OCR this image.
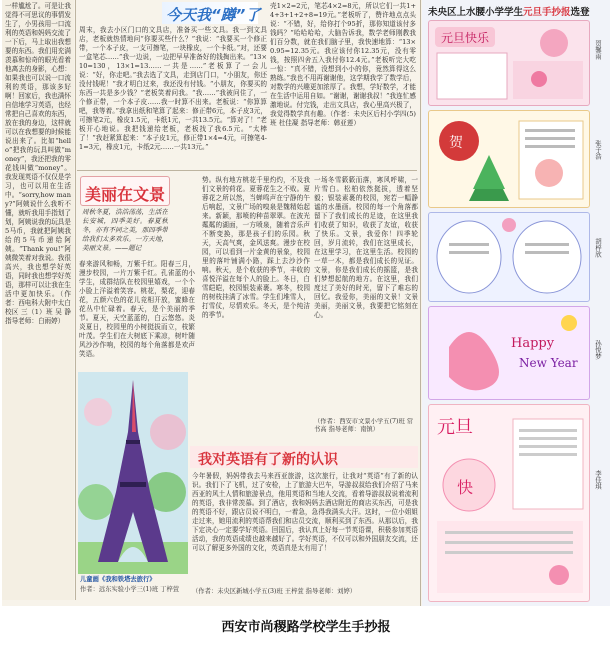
一样尴尬了。可是让我觉得不可思议的事情发生了，小男孩用一口流利的英语和妈妈交流了一下后，马上取出我想要的东西。我们用充满羡慕和惊奇的眼光看着他离去的身影，心想：如果我也可以说一口流利的英语，那该多好啊！回家后，我也满怀自信地学习英语，也经常把自己喜欢的东西，放在我的身边，这样就可以在我想要的时候能说出来了。比如“hello”把我的玩具叫做“money”，我还把我的零花钱叫做“money”。我发现英语不仅仅是学习，也可以用在生活中。“sorry,how many?”阿姨说什么我听不懂，就听我用手指划了划，阿姨说我的玩具是5马币，我就把阿姨我给的5马币递给阿姨。“Thank you!”阿姨微笑着对我说。我很高兴，我也想学好英语，同时我也想学好英语，那样可以让我在生活中更加快乐。（作者：西电科大附中太白校区 三（1）班 吴 静 指导老师：白雨婷）
今天我“蹲”了
周末，我去小区门口的文具店，准备买一些文具。我一到文具店，老板就热情地问“你要买些什么？”我说：“我要买一个修正带，一个本子皮，一支可擦笔，一块橡皮，一个卡纸。”对，还要一盒笔芯……”我一边说，一边把早早准备好的钱掏出来。“13×10=130，13×1=13……一共是……”老板算了一会儿说：“好，你走吧。”我去选了文具，走到店门口，“小朋友，你还没付钱呢！”我才明白过来，我还没有付钱。“小朋友，你要买的东西一共是多少钱？”老板笑着问我。“我……”我被问住了，一个修正带，一个本子皮……我一时算不出来。老板说：“你算算吧，我等着。”我拿出纸和笔算了起来：修正带6元，本子皮3元，可擦笔2元，橡皮1.5元，卡纸1元，一共13.5元。“算对了！”老板开心地说。我把钱递给老板，老板找了我6.5元。“太棒了！”我赶紧算起来：“本子皮1元，修正带1×4=4元，可擦笔4-1=3元，橡皮1元，卡纸2元……一共13元。”
壳1×2=2元，笔芯4×2=8元，所以它们一共1+4+3+1+2+8=19元。”老板听了，赞许地点点头说：“不错，好，给你打个95折，那你知道该付多钱吗？”哈哈哈哈，大脑告诉我，数学老师刚教我们百分数，就在我们脑子里，我快速地算：“13×0.95=12.35元。我应该付你12.35元，没有零钱，按照四舍五入我付你12.4元。”老板听完大吃一惊：“真不错，没想到小小的你，竟然算得这么熟练。”我也不用再谢谢他，这学期我学了数学后，对数学的兴趣更加浓厚了。我想，学好数学，才能在生活中运用自如。“谢谢，谢谢我叔！”我连忙感激地说。付完钱，走出文具店，我心里高兴极了，我觉得数学真有趣。（作者：未央区后村小学四(5)班 杜佳凝 指导老师：韩亚莲）
美丽在文景
周秋冬夏，浩浩荡荡，生活在长安城，四季美好。春夏秋冬，亦有不同之美，那四季带给我们太多欢乐。一方天地，美丽文景。——题记
春来游风和畅，万紫千红。阳春三月，漫步校园，一片万紫千红。孔雀蓝的小学生，成群结队在校园里嬉戏，一个个小脸上洋溢着笑容。桃花，梨花，迎春花，五颜六色的花儿竞相开放，蜜蜂在花丛中忙碌着。春天，是个美丽的季节。夏天，天空蓝蓝的，白云悠悠。炎炎夏日，校园里的小树挺拔而立，枝繁叶茂。学生们在大树底下乘凉，树叶随风沙沙作响，校园的每个角落都是欢声笑语。
势。纵有地方桃花千里灼灼，不及我们文景的荷花。夏蓉花生之不败。夏蓉花之所以然，当蝉鸣声在宁静的午后响起，文景广场的嗅泉是魏精始起来。新颖，那喷的种苗翠翠。在波光粼粼的湖面，一方喷泉，随着音乐声不断变换，那是孩子们的乐园。秋天，天高气爽，金风送爽。漫步在校园，可以看到一片金黄的景象，校园里的落叶铺满小路，踩上去沙沙作响。秋天，是个收获的季节，丰收的喜悦洋溢在每个人的脸上。冬日，白雪皑皑，校园银装素裹。寒冬，校园的树枝挂满了冰雪。学生们堆雪人，打雪仗，尽情欢乐。冬天，是个纯洁的季节。
一场冬雪簌簌而落，寒风呼啸，一片雪白。松柏依然挺拔，透着坚毅；银装素裹的校园，宛若一幅静谧的水墨画。校园的每一个角落都留下了我们成长的足迹，在这里我们收获了知识，收获了友谊，收获了快乐。文景，我爱你！四季轮回，岁月流转，我们在这里成长，在这里学习，在这里生活。校园的一草一木，都是我们成长的见证。文景，你是我们成长的摇篮，是我们梦想起航的地方。在这里，我们度过了美好的时光，留下了难忘的回忆。我爱你，美丽的文景！文景美丽，美丽文景，我要把它铭刻在心。
（作者：西安市文景小学五(7)班 常书高 指导老师：南镇）
儿童画《我和铁塔去旅行》
作者：远东实验小学三(1)班 丁梓萱
我对英语有了新的认识
今年暑假，妈妈带我去马来西亚旅游，这次旅行，让我对“英语”有了新的认识。我们下了飞机，过了安检，上了旅游大巴车，导游叔叔给我们介绍了马来西亚的风土人情和旅游景点，他用英语和当地人交流，看着导游叔叔说着流利的英语，我非常羡慕。到了酒店，我和妈妈去酒店附近的商店买东西，可是我的英语不好，跟店员说不明白，一着急，急得我满头大汗。这时，一位小姐姐走过来，她用流利的英语帮我们和店员交流，顺利买到了东西。从那以后，我下定决心一定要学好英语。回国后，我认真上好每一节英语课，积极参加英语活动，我的英语成绩也越来越好了。学好英语，不仅可以和外国朋友交流，还可以了解更多外国的文化，英语真是太有用了！
（作者：未央区新城小学五(3)班 王梓萱 指导老师：刘婷）
未央区上水腰小学学生元旦手抄报选登
元旦快乐
贺馨雨
贺	张子浩
胡梓欣
Happy
New Year
孙悦梦
元旦
快	李佳琪
西安市尚稷路学校学生手抄报
